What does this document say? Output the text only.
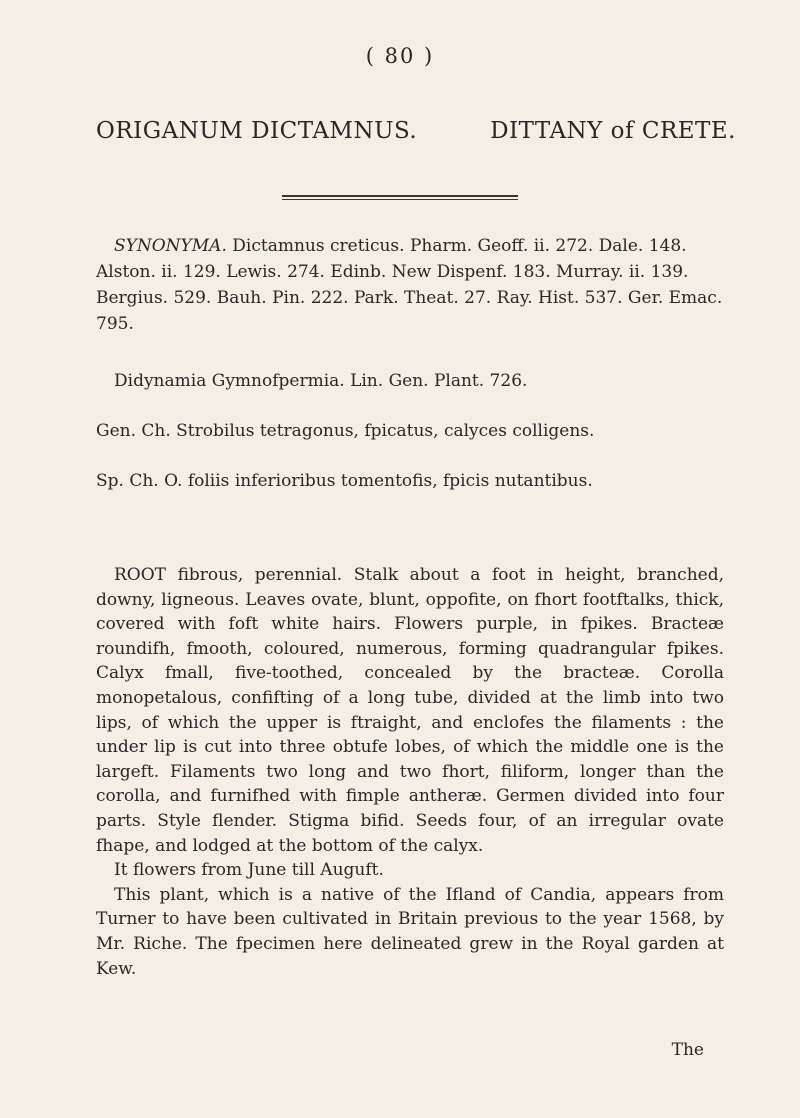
( 80 )
ORIGANUM DICTAMNUS.	DITTANY of CRETE.
SYNONYMA. Dictamnus creticus. Pharm. Geoff. ii. 272. Dale. 148. Alston. ii. 129. Lewis. 274. Edinb. New Dispenf. 183. Murray. ii. 139. Bergius. 529. Bauh. Pin. 222. Park. Theat. 27. Ray. Hist. 537. Ger. Emac. 795.
Didynamia Gymnofpermia. Lin. Gen. Plant. 726.
Gen. Ch. Strobilus tetragonus, fpicatus, calyces colligens.
Sp. Ch. O. foliis inferioribus tomentofis, fpicis nutantibus.

ROOT fibrous, perennial. Stalk about a foot in height, branched, downy, ligneous. Leaves ovate, blunt, oppofite, on fhort footftalks, thick, covered with foft white hairs. Flowers purple, in fpikes. Bracteæ roundifh, fmooth, coloured, numerous, forming quadrangular fpikes. Calyx fmall, five-toothed, concealed by the bracteæ. Corolla monopetalous, confifting of a long tube, divided at the limb into two lips, of which the upper is ftraight, and enclofes the filaments : the under lip is cut into three obtufe lobes, of which the middle one is the largeft. Filaments two long and two fhort, filiform, longer than the corolla, and furnifhed with fimple antheræ. Germen divided into four parts. Style flender. Stigma bifid. Seeds four, of an irregular ovate fhape, and lodged at the bottom of the calyx.

It flowers from June till Auguft.

This plant, which is a native of the Ifland of Candia, appears from Turner to have been cultivated in Britain previous to the year 1568, by Mr. Riche. The fpecimen here delineated grew in the Royal garden at Kew.

The
